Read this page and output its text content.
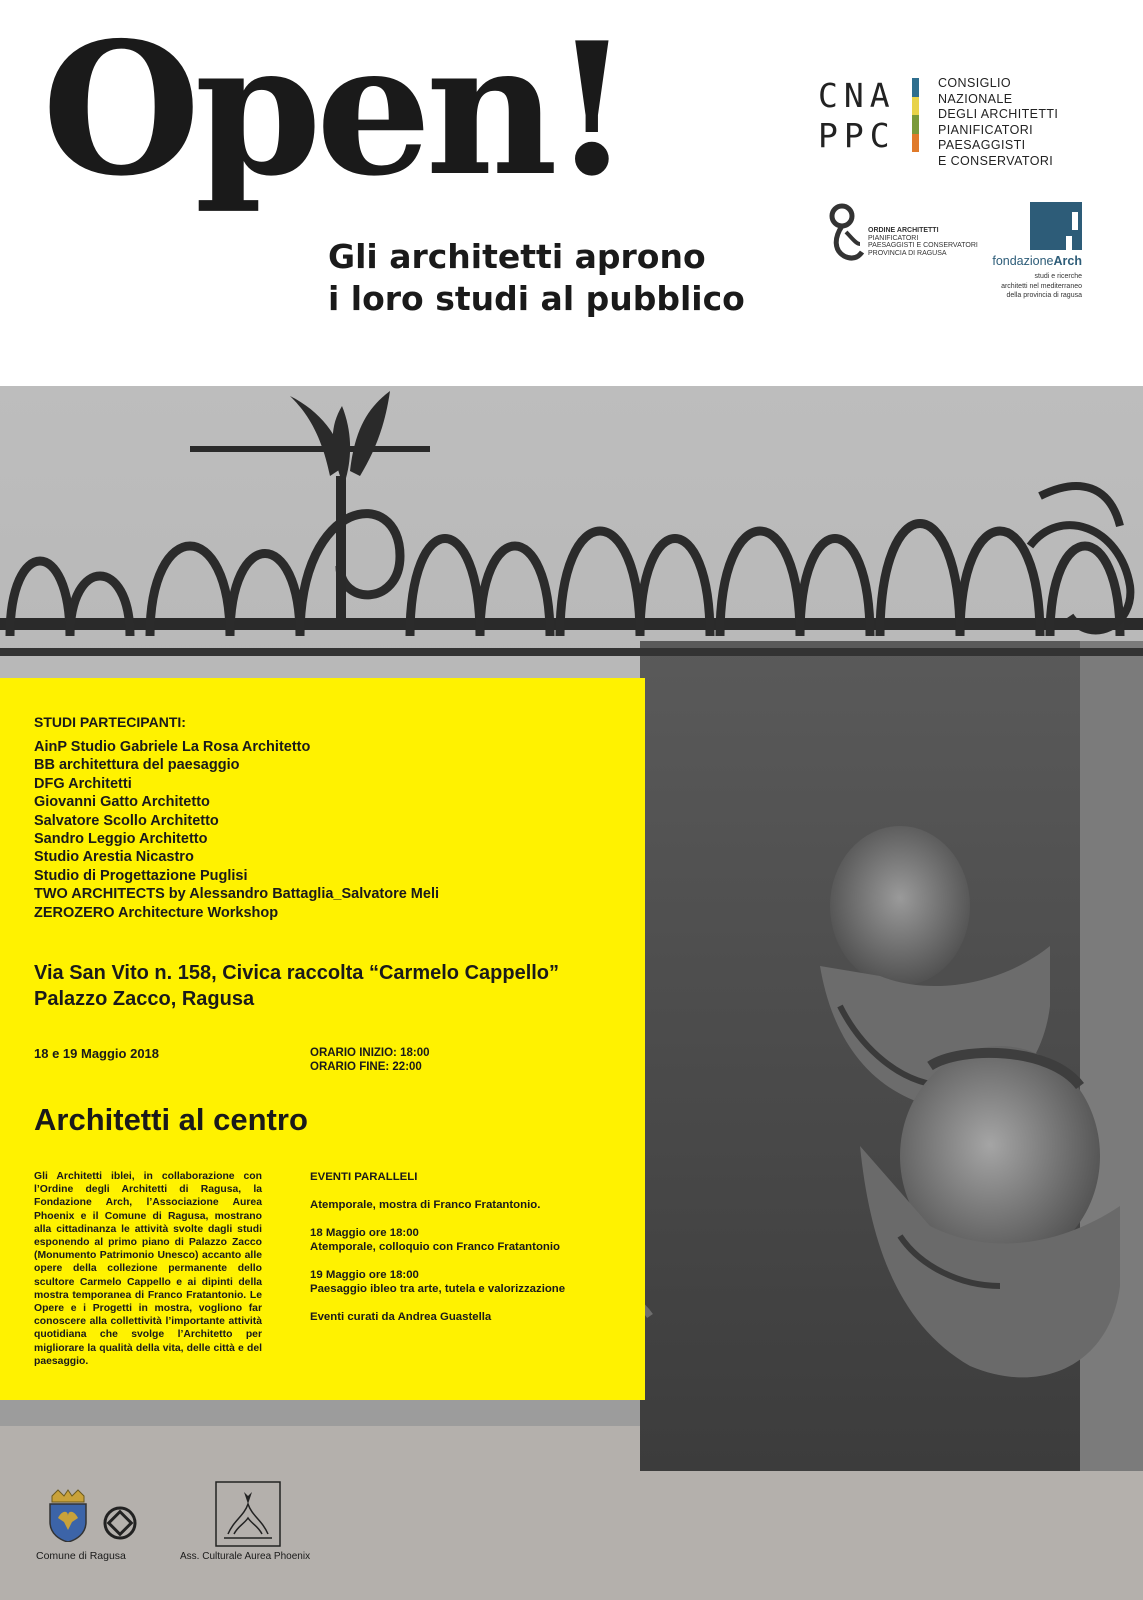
Open!
Gli architetti aprono
i loro studi al pubblico
CNA
PPC
CONSIGLIO NAZIONALE
DEGLI ARCHITETTI
PIANIFICATORI
PAESAGGISTI
E CONSERVATORI
ORDINE ARCHITETTI
PIANIFICATORI
PAESAGGISTI E CONSERVATORI
PROVINCIA DI RAGUSA
fondazioneArch
studi e ricerche
architetti nel mediterraneo
della provincia di ragusa
STUDI PARTECIPANTI:
AinP Studio Gabriele La Rosa Architetto
BB architettura del paesaggio
DFG Architetti
Giovanni Gatto Architetto
Salvatore Scollo Architetto
Sandro Leggio Architetto
Studio Arestia Nicastro
Studio di Progettazione Puglisi
TWO ARCHITECTS by Alessandro Battaglia_Salvatore Meli
ZEROZERO Architecture Workshop
Via San Vito n. 158, Civica raccolta “Carmelo Cappello”
Palazzo Zacco, Ragusa
18 e 19 Maggio 2018	ORARIO INIZIO: 18:00
ORARIO FINE: 22:00
Architetti al centro
Gli Architetti iblei, in collaborazione con l’Ordine degli Architetti di Ragusa, la Fondazione Arch, l’Associazione Aurea Phoenix e il Comune di Ragusa, mostrano alla cittadinanza le attività svolte dagli studi esponendo al primo piano di Palazzo Zacco (Monumento Patrimonio Unesco) accanto alle opere della collezione permanente dello scultore Carmelo Cappello e ai dipinti della mostra temporanea di Franco Fratantonio. Le Opere e i Progetti in mostra, vogliono far conoscere alla collettività l’importante attività quotidiana che svolge l’Architetto per migliorare la qualità della vita, delle città e del paesaggio.
EVENTI PARALLELI
Atemporale, mostra di Franco Fratantonio.
18 Maggio ore 18:00
Atemporale, colloquio con Franco Fratantonio
19 Maggio ore 18:00
Paesaggio ibleo tra arte, tutela e valorizzazione
Eventi curati da Andrea Guastella
Comune di Ragusa	Ass. Culturale Aurea Phoenix
